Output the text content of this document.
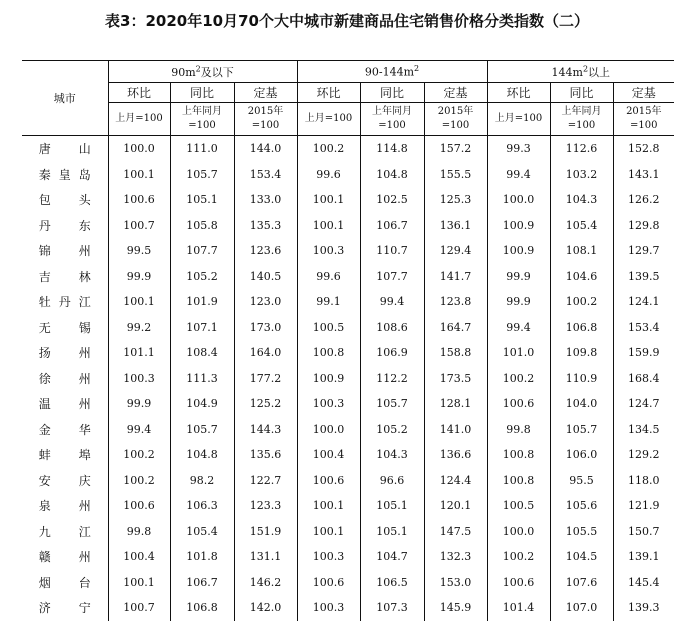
表3：2020年10月70个大中城市新建商品住宅销售价格分类指数（二）
城市	$90m^2$及以下			$90-144m^2$			$144m^2$以上		
	环比	同比	定基	环比	同比	定基	环比	同比	定基
	上月=100	上年同月=100	2015年=100	上月=100	上年同月=100	2015年=100	上月=100	上年同月=100	2015年=100

唐 山	100.0	111.0	144.0	100.2	114.8	157.2	99.3	112.6	152.8

秦 皇 岛	100.1	105.7	153.4	99.6	104.8	155.5	99.4	103.2	143.1

包 头	100.6	105.1	133.0	100.1	102.5	125.3	100.0	104.3	126.2

丹 东	100.7	105.8	135.3	100.1	106.7	136.1	100.9	105.4	129.8

锦 州	99.5	107.7	123.6	100.3	110.7	129.4	100.9	108.1	129.7

吉 林	99.9	105.2	140.5	99.6	107.7	141.7	99.9	104.6	139.5

牡 丹 江	100.1	101.9	123.0	99.1	99.4	123.8	99.9	100.2	124.1

无 锡	99.2	107.1	173.0	100.5	108.6	164.7	99.4	106.8	153.4

扬 州	101.1	108.4	164.0	100.8	106.9	158.8	101.0	109.8	159.9

徐 州	100.3	111.3	177.2	100.9	112.2	173.5	100.2	110.9	168.4

温 州	99.9	104.9	125.2	100.3	105.7	128.1	100.6	104.0	124.7

金 华	99.4	105.7	144.3	100.0	105.2	141.0	99.8	105.7	134.5

蚌 埠	100.2	104.8	135.6	100.4	104.3	136.6	100.8	106.0	129.2

安 庆	100.2	98.2	122.7	100.6	96.6	124.4	100.8	95.5	118.0

泉 州	100.6	106.3	123.3	100.1	105.1	120.1	100.5	105.6	121.9

九 江	99.8	105.4	151.9	100.1	105.1	147.5	100.0	105.5	150.7

赣 州	100.4	101.8	131.1	100.3	104.7	132.3	100.2	104.5	139.1

烟 台	100.1	106.7	146.2	100.6	106.5	153.0	100.6	107.6	145.4

济 宁	100.7	106.8	142.0	100.3	107.3	145.9	101.4	107.0	139.3
